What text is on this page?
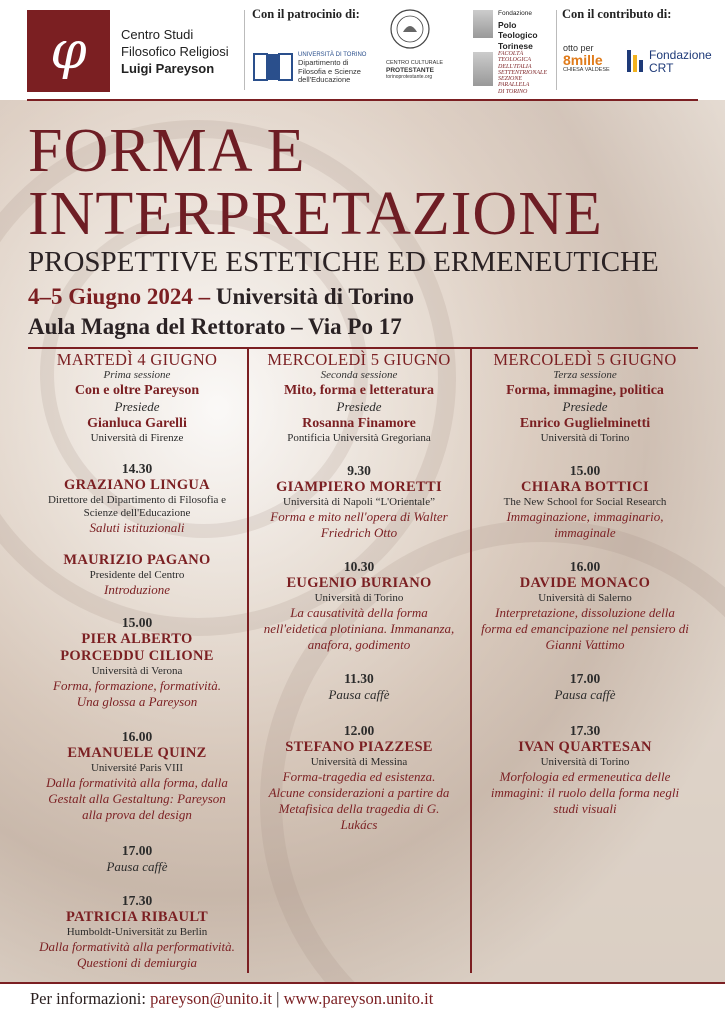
φ	Centro Studi
Filosofico Religiosi
Luigi Pareyson
Con il patrocinio di:
UNIVERSITÀ DI TORINO
Dipartimento di
Filosofia e Scienze
dell'Educazione
CENTRO CULTURALE
PROTESTANTE
torinoprotestante.org
Fondazione
Polo
Teologico
Torinese
FACOLTÀ
TEOLOGICA
DELL'ITALIA
SETTENTRIONALE
SEZIONE
PARALLELA
DI TORINO
Con il contributo di:
otto per
8mille
CHIESA VALDESE
Fondazione
CRT
FORMA E
INTERPRETAZIONE
PROSPETTIVE ESTETICHE ED ERMENEUTICHE
4–5 Giugno 2024 – Università di Torino
Aula Magna del Rettorato – Via Po 17
MARTEDÌ 4 GIUGNO
Prima sessione
Con e oltre Pareyson
Presiede
Gianluca Garelli
Università di Firenze
14.30
GRAZIANO LINGUA
Direttore del Dipartimento di Filosofia e
Scienze dell'Educazione
Saluti istituzionali
MAURIZIO PAGANO
Presidente del Centro
Introduzione
15.00
PIER ALBERTO
PORCEDDU CILIONE
Università di Verona
Forma, formazione, formatività.
Una glossa a Pareyson
16.00
EMANUELE QUINZ
Université Paris VIII
Dalla formatività alla forma, dalla
Gestalt alla Gestaltung: Pareyson
alla prova del design
17.00
Pausa caffè
17.30
PATRICIA RIBAULT
Humboldt-Universität zu Berlin
Dalla formatività alla performatività.
Questioni di demiurgia
MERCOLEDÌ 5 GIUGNO
Seconda sessione
Mito, forma e letteratura
Presiede
Rosanna Finamore
Pontificia Università Gregoriana
9.30
GIAMPIERO MORETTI
Università di Napoli “L'Orientale”
Forma e mito nell'opera di Walter
Friedrich Otto
10.30
EUGENIO BURIANO
Università di Torino
La causatività della forma
nell'eidetica plotiniana. Immananza,
anafora, godimento
11.30
Pausa caffè
12.00
STEFANO PIAZZESE
Università di Messina
Forma-tragedia ed esistenza.
Alcune considerazioni a partire da
Metafisica della tragedia di G.
Lukács
MERCOLEDÌ 5 GIUGNO
Terza sessione
Forma, immagine, politica
Presiede
Enrico Guglielminetti
Università di Torino
15.00
CHIARA BOTTICI
The New School for Social Research
Immaginazione, immaginario,
immaginale
16.00
DAVIDE MONACO
Università di Salerno
Interpretazione, dissoluzione della
forma ed emancipazione nel pensiero di
Gianni Vattimo
17.00
Pausa caffè
17.30
IVAN QUARTESAN
Università di Torino
Morfologia ed ermeneutica delle
immagini: il ruolo della forma negli
studi visuali
Per informazioni: pareyson@unito.it | www.pareyson.unito.it
